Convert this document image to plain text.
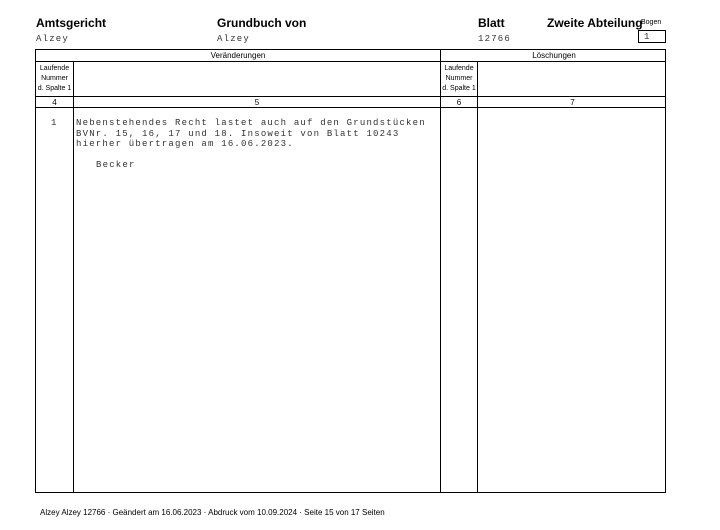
Amtsgericht
Alzey
Grundbuch von
Alzey
Blatt
12766
Zweite Abteilung
Bogen
1
Veränderungen	Löschungen
Laufende
Nummer
d. Spalte 1
Laufende
Nummer
d. Spalte 1
4	5	6	7
1 Nebenstehendes Recht lastet auch auf den Grundstücken
BVNr. 15, 16, 17 und 18. Insoweit von Blatt 10243
hierher übertragen am 16.06.2023.
Becker
Alzey Alzey 12766 · Geändert am 16.06.2023 · Abdruck vom 10.09.2024 · Seite 15 von 17 Seiten
